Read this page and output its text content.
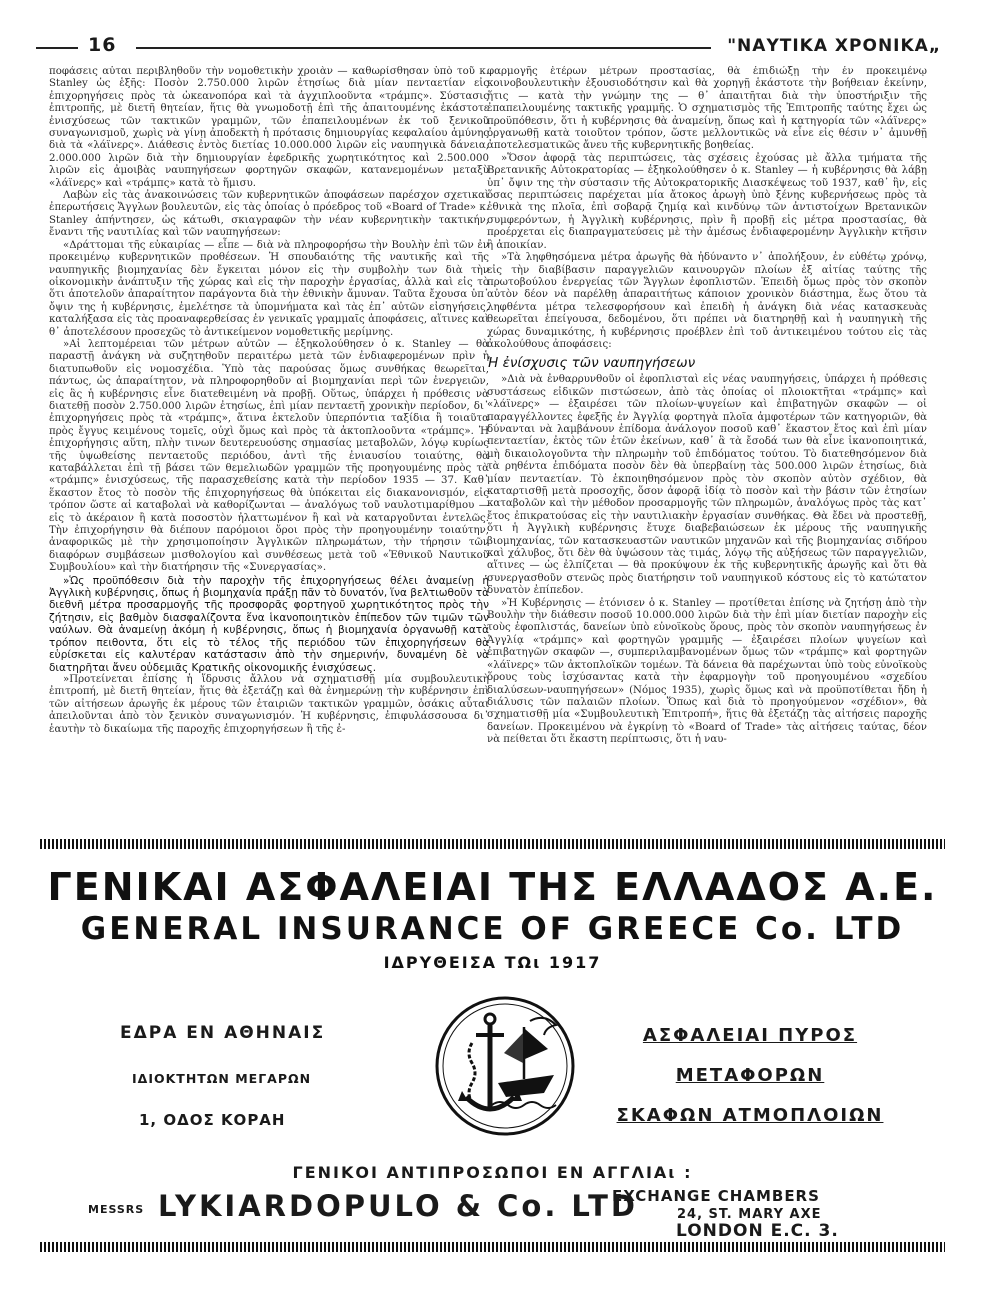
16	"ΝΑΥΤΙΚΑ ΧΡΟΝΙΚΑ„

ποφάσεις αὐται περιβληθοῦν τὴν νομοθετικὴν χροιὰν — καθωρίσθησαν ὑπὸ τοῦ κ. Stanley ὡς ἑξῆς: Ποσὸν 2.750.000 λιρῶν ἐτησίως διὰ μίαν πενταετίαν εἰς ἐπιχορηγήσεις πρὸς τὰ ὠκεανοπόρα καὶ τὰ ἀγχιπλοοῦντα «τράμπς». Σύστασις ἐπιτροπῆς, μὲ διετῆ θητείαν, ἥτις θὰ γνωμοδοτῇ ἐπὶ τῆς ἀπαιτουμένης ἑκάστοτε ἐνισχύσεως τῶν τακτικῶν γραμμῶν, τῶν ἐπαπειλουμένων ἐκ τοῦ ξενικοῦ συναγωνισμοῦ, χωρὶς νὰ γίνῃ ἀποδεκτὴ ἡ πρότασις δημιουργίας κεφαλαίου ἀμύνης διὰ τὰ «λάϊνερς». Διάθεσις ἐντὸς διετίας 10.000.000 λιρῶν εἰς ναυπηγικὰ δάνεια, 2.000.000 λιρῶν διὰ τὴν δημιουργίαν ἐφεδρικῆς χωρητικότητος καὶ 2.500.000 λιρῶν εἰς ἀμοιβὰς ναυπηγήσεων φορτηγῶν σκαφῶν, κατανεμομένων μεταξὺ «λάϊνερς» καὶ «τράμπς» κατὰ τὸ ἥμισυ.

Λαβὼν εἰς τὰς ἀνακοινώσεις τῶν κυβερνητικῶν ἀποφάσεων παρέσχον σχετικαὶ ἐπερωτήσεις Ἄγγλων βουλευτῶν, εἰς τὰς ὁποίας ὁ πρόεδρος τοῦ «Board of Trade» κ. Stanley ἀπήντησεν, ὡς κάτωθι, σκιαγραφῶν τὴν νέαν κυβερνητικὴν τακτικήν, ἔναντι τῆς ναυτιλίας καὶ τῶν ναυπηγήσεων:

«Δράττομαι τῆς εὐκαιρίας — εἶπε — διὰ νὰ πληροφορήσω τὴν Βουλὴν ἐπὶ τῶν ἐν προκειμένῳ κυβερνητικῶν προθέσεων. Ἡ σπουδαιότης τῆς ναυτικῆς καὶ τῆς ναυπηγικῆς βιομηχανίας δὲν ἔγκειται μόνον εἰς τὴν συμβολὴν των διὰ τὴν οἰκονομικὴν ἀνάπτυξιν τῆς χώρας καὶ εἰς τὴν παροχὴν ἐργασίας, ἀλλὰ καὶ εἰς τὸ ὅτι ἀποτελοῦν ἀπαραίτητον παράγοντα διὰ τὴν ἐθνικὴν ἄμυναν. Ταῦτα ἔχουσα ὑπ᾿ ὄψιν της ἡ κυβέρνησις, ἐμελέτησε τὰ ὑπομνήματα καὶ τὰς ἐπ᾿ αὐτῶν εἰσηγήσεις, καταλήξασα εἰς τὰς προαναφερθείσας ἐν γενικαῖς γραμμαῖς ἀποφάσεις, αἵτινες καὶ θ᾿ ἀποτελέσουν προσεχῶς τὸ ἀντικείμενον νομοθετικῆς μερίμνης.

»Αἱ λεπτομέρειαι τῶν μέτρων αὐτῶν — ἐξηκολούθησεν ὁ κ. Stanley — θὰ παραστῇ ἀνάγκη νὰ συζητηθοῦν περαιτέρω μετὰ τῶν ἐνδιαφερομένων πρὶν ἡ διατυπωθοῦν εἰς νομοσχέδια. Ὑπὸ τὰς παρούσας ὅμως συνθήκας θεωρεῖται, πάντως, ὡς ἀπαραίτητον, νὰ πληροφορηθοῦν αἱ βιομηχανίαι περὶ τῶν ἐνεργειῶν, εἰς ἃς ἡ κυβέρνησις εἶνε διατεθειμένη νὰ προβῇ. Οὕτως, ὑπάρχει ἡ πρόθεσις νὰ διατεθῇ ποσὸν 2.750.000 λιρῶν ἐτησίως, ἐπὶ μίαν πενταετῆ χρονικὴν περίοδον, δι᾿ ἐπιχορηγήσεις πρὸς τὰ «τράμπς», ἅτινα ἐκτελοῦν ὑπερπόντια ταξίδια ἢ τοιαῦτα πρὸς ἔγγυς κειμένους τομεῖς, οὐχὶ ὅμως καὶ πρὸς τὰ ἀκτοπλοοῦντα «τράμπς». Ἡ ἐπιχορήγησις αὕτη, πλὴν τινων δευτερευούσης σημασίας μεταβολῶν, λόγῳ κυρίως τῆς ὑψωθείσης πενταετοῦς περιόδου, ἀντὶ τῆς ἐνιαυσίου τοιαύτης, θὰ καταβάλλεται ἐπὶ τῇ βάσει τῶν θεμελιωδῶν γραμμῶν τῆς προηγουμένης πρὸς τὰ «τράμπς» ἐνισχύσεως, τῆς παρασχεθείσης κατὰ τὴν περίοδον 1935 — 37. Καθ᾿ ἕκαστον ἔτος τὸ ποσὸν τῆς ἐπιχορηγήσεως θὰ ὑπόκειται εἰς διακανονισμόν, εἰς τρόπον ὥστε αἱ καταβολαὶ νὰ καθορίζωνται — ἀναλόγως τοῦ ναυλοτιμαρίθμου — εἰς τὸ ἀκέραιον ἢ κατὰ ποσοστὸν ἠλαττωμένον ἢ καὶ νὰ καταργοῦνται ἐντελῶς. Τὴν ἐπιχορήγησιν θὰ διέπουν παρόμοιοι ὅροι πρὸς τὴν προηγουμένην τοιαύτην, ἀναφορικῶς μὲ τὴν χρησιμοποίησιν Ἀγγλικῶν πληρωμάτων, τὴν τήρησιν τῶν διαφόρων συμβάσεων μισθολογίου καὶ συνθέσεως μετὰ τοῦ «Ἐθνικοῦ Ναυτικοῦ Συμβουλίου» καὶ τὴν διατήρησιν τῆς «Συνεργασίας».

»Ὡς προϋπόθεσιν διὰ τὴν παροχὴν τῆς ἐπιχορηγήσεως θέλει ἀναμείνῃ ἡ Ἀγγλικὴ κυβέρνησις, ὅπως ἡ βιομηχανία πράξῃ πᾶν τὸ δυνατόν, ἵνα βελτιωθοῦν τὰ διεθνῆ μέτρα προσαρμογῆς τῆς προσφορᾶς φορτηγοῦ χωρητικότητος πρὸς τὴν ζήτησιν, εἰς βαθμὸν διασφαλίζοντα ἕνα ἱκανοποιητικὸν ἐπίπεδον τῶν τιμῶν τῶν ναύλων. Θὰ ἀναμείνῃ ἀκόμη ἡ κυβέρνησις, ὅπως ἡ βιομηχανία ὀργανωθῇ κατὰ τρόπον πειθοντα, ὅτι εἰς τὸ τέλος τῆς περιόδου τῶν ἐπιχορηγήσεων θὰ εὑρίσκεται εἰς καλυτέραν κατάστασιν ἀπὸ τὴν σημερινήν, δυναμένη δὲ νὰ διατηρῆται ἄνευ οὐδεμιᾶς Κρατικῆς οἰκονομικῆς ἐνισχύσεως.

»Προτείνεται ἐπίσης ἡ ἵδρυσις ἄλλου νὰ σχηματισθῇ μία συμβουλευτικὴ ἐπιτροπή, μὲ διετῆ θητείαν, ἥτις θὰ ἐξετάζῃ καὶ θὰ ἐνημερώνῃ τὴν κυβέρνησιν ἐπὶ τῶν αἰτήσεων ἀρωγῆς ἐκ μέρους τῶν ἑταιριῶν τακτικῶν γραμμῶν, ὁσάκις αὗται ἀπειλοῦνται ἀπὸ τὸν ξενικὸν συναγωνισμόν. Ἡ κυβέρνησις, ἐπιφυλάσσουσα δι᾿ ἑαυτὴν τὸ δικαίωμα τῆς παροχῆς ἐπιχορηγήσεων ἢ τῆς ἐ-

φαρμογῆς ἑτέρων μέτρων προστασίας, θὰ ἐπιδιώξῃ τὴν ἐν προκειμένῳ κοινοβουλευτικὴν ἐξουσιοδότησιν καὶ θὰ χορηγῇ ἑκάστοτε τὴν βοήθειαν ἐκείνην, ἥτις — κατὰ τὴν γνώμην της — θ᾿ ἀπαιτῆται διὰ τὴν ὑποστήριξιν τῆς ἐπαπειλουμένης τακτικῆς γραμμῆς. Ὁ σχηματισμὸς τῆς Ἐπιτροπῆς ταύτης ἔχει ὡς προϋπόθεσιν, ὅτι ἡ κυβέρνησις θὰ ἀναμείνῃ, ὅπως καὶ ἡ κατηγορία τῶν «λάϊνερς» ὀργανωθῇ κατὰ τοιοῦτον τρόπον, ὥστε μελλοντικῶς νὰ εἶνε εἰς θέσιν ν᾿ ἀμυνθῇ ἀποτελεσματικῶς ἄνευ τῆς κυβερνητικῆς βοηθείας.

»Ὅσον ἀφορᾷ τὰς περιπτώσεις, τὰς σχέσεις ἐχούσας μὲ ἄλλα τμήματα τῆς Βρετανικῆς Αὐτοκρατορίας — ἐξηκολούθησεν ὁ κ. Stanley — ἡ κυβέρνησις θὰ λάβῃ ὑπ᾿ ὄψιν της τὴν σύστασιν τῆς Αὐτοκρατορικῆς Διασκέψεως τοῦ 1937, καθ᾿ ἣν, εἰς ὅσας περιπτώσεις παρέχεται μία ἄτοκος ἀρωγὴ ὑπὸ ξένης κυβερνήσεως πρὸς τὰ ἐθνικὰ της πλοῖα, ἐπὶ σοβαρᾷ ζημίᾳ καὶ κινδύνῳ τῶν ἀντιστοίχων Βρετανικῶν συμφερόντων, ἡ Ἀγγλικὴ κυβέρνησις, πρὶν ἢ προβῇ εἰς μέτρα προστασίας, θὰ προέρχεται εἰς διαπραγματεύσεις μὲ τὴν ἀμέσως ἐνδιαφερομένην Ἀγγλικὴν κτῆσιν ἢ ἀποικίαν.

»Τὰ ληφθησόμενα μέτρα ἀρωγῆς θὰ ἠδύναντο ν᾿ ἀπολήξουν, ἐν εὐθέτῳ χρόνῳ, εἰς τὴν διαβίβασιν παραγγελιῶν καινουργῶν πλοίων ἐξ αἰτίας ταύτης τῆς πρωτοβούλου ἐνεργείας τῶν Ἄγγλων ἐφοπλιστῶν. Ἐπειδὴ ὅμως πρὸς τὸν σκοπὸν αὐτὸν δέον νὰ παρέλθῃ ἀπαραιτήτως κάποιον χρονικὸν διάστημα, ἕως ὅτου τὰ ληφθέντα μέτρα τελεσφορήσουν καὶ ἐπειδὴ ἡ ἀνάγκη διὰ νέας κατασκευὰς θεωρεῖται ἐπείγουσα, δεδομένου, ὅτι πρέπει νὰ διατηρηθῇ καὶ ἡ ναυπηγικὴ τῆς χώρας δυναμικότης, ἡ κυβέρνησις προέβλεν ἐπὶ τοῦ ἀντικειμένου τούτου εἰς τὰς ἀκολούθους ἀποφάσεις:

Ἡ ἐνίσχυσις τῶν ναυπηγήσεων

»Διὰ νὰ ἐνθαρρυνθοῦν οἱ ἐφοπλισταὶ εἰς νέας ναυπηγήσεις, ὑπάρχει ἡ πρόθεσις συστάσεως εἰδικῶν πιστώσεων, ἀπὸ τὰς ὁποίας οἱ πλοιοκτῆται «τράμπς» καὶ «λάϊνερς» — ἐξαιρέσει τῶν πλοίων-ψυγείων καὶ ἐπιβατηγῶν σκαφῶν — οἱ παραγγέλλοντες ἐφεξῆς ἐν Ἀγγλίᾳ φορτηγὰ πλοῖα ἀμφοτέρων τῶν κατηγοριῶν, θὰ δύνανται νὰ λαμβάνουν ἐπίδομα ἀνάλογον ποσοῦ καθ᾿ ἕκαστον ἔτος καὶ ἐπὶ μίαν πενταετίαν, ἐκτὸς τῶν ἐτῶν ἐκείνων, καθ᾿ ἃ τὰ ἔσοδά των θὰ εἶνε ἱκανοποιητικά, μὴ δικαιολογοῦντα τὴν πληρωμὴν τοῦ ἐπιδόματος τούτου. Τὸ διατεθησόμενον διὰ τὰ ρηθέντα ἐπιδόματα ποσὸν δὲν θὰ ὑπερβαίνῃ τὰς 500.000 λιρῶν ἐτησίως, διὰ μίαν πενταετίαν. Τὸ ἐκποιηθησόμενον πρὸς τὸν σκοπὸν αὐτὸν σχέδιον, θὰ καταρτισθῇ μετὰ προσοχῆς, ὅσον ἀφορᾷ ἰδίᾳ τὸ ποσὸν καὶ τὴν βάσιν τῶν ἐτησίων καταβολῶν καὶ τὴν μέθοδον προσαρμογῆς τῶν πληρωμῶν, ἀναλόγως πρὸς τὰς κατ᾿ ἔτος ἐπικρατούσας εἰς τὴν ναυτιλιακὴν ἐργασίαν συνθήκας. Θὰ ἔδει νὰ προστεθῇ, ὅτι ἡ Ἀγγλικὴ κυβέρνησις ἔτυχε διαβεβαιώσεων ἐκ μέρους τῆς ναυπηγικῆς βιομηχανίας, τῶν κατασκευαστῶν ναυτικῶν μηχανῶν καὶ τῆς βιομηχανίας σιδήρου καὶ χάλυβος, ὅτι δὲν θὰ ὑψώσουν τὰς τιμάς, λόγῳ τῆς αὐξήσεως τῶν παραγγελιῶν, αἵτινες — ὡς ἐλπίζεται — θὰ προκύψουν ἐκ τῆς κυβερνητικῆς ἀρωγῆς καὶ ὅτι θὰ συνεργασθοῦν στενῶς πρὸς διατήρησιν τοῦ ναυπηγικοῦ κόστους εἰς τὸ κατώτατον δυνατὸν ἐπίπεδον.

»Ἡ Κυβέρνησις — ἐτόνισεν ὁ κ. Stanley — προτίθεται ἐπίσης νὰ ζητήσῃ ἀπὸ τὴν Βουλὴν τὴν διάθεσιν ποσοῦ 10.000.000 λιρῶν διὰ τὴν ἐπὶ μίαν διετίαν παροχὴν εἰς τοὺς ἐφοπλιστάς, δανείων ὑπὸ εὐνοϊκοὺς ὅρους, πρὸς τὸν σκοπὸν ναυπηγήσεως ἐν Ἀγγλίᾳ «τράμπς» καὶ φορτηγῶν γραμμῆς — ἐξαιρέσει πλοίων ψυγείων καὶ ἐπιβατηγῶν σκαφῶν —, συμπεριλαμβανομένων ὅμως τῶν «τράμπς» καὶ φορτηγῶν «λάϊνερς» τῶν ἀκτοπλοϊκῶν τομέων. Τὰ δάνεια θὰ παρέχωνται ὑπὸ τοὺς εὐνοϊκοὺς ὅρους τοὺς ἰσχύσαντας κατὰ τὴν ἐφαρμογὴν τοῦ προηγουμένου «σχεδίου διαλύσεων-ναυπηγήσεων» (Νόμος 1935), χωρὶς ὅμως καὶ νὰ προϋποτίθεται ἤδη ἡ διάλυσις τῶν παλαιῶν πλοίων. Ὅπως καὶ διὰ τὸ προηγούμενον «σχέδιον», θὰ σχηματισθῇ μία «Συμβουλευτικὴ Ἐπιτροπή», ἥτις θὰ ἐξετάζῃ τὰς αἰτήσεις παροχῆς δανείων. Προκειμένου νὰ ἐγκρίνῃ τὸ «Board of Trade» τὰς αἰτήσεις ταύτας, δέον νὰ πείθεται ὅτι ἕκαστη περίπτωσις, ὅτι ἡ ναυ-

ΓΕΝΙΚΑΙ ΑΣΦΑΛΕΙΑΙ ΤΗΣ ΕΛΛΑΔΟΣ Α.Ε.
GENERAL INSURANCE OF GREECE Co. LTD
ΙΔΡΥΘΕΙΣΑ ΤΩι 1917
ΕΔΡΑ ΕΝ ΑΘΗΝΑΙΣ
ΙΔΙΟΚΤΗΤΩΝ ΜΕΓΑΡΩΝ
1, ΟΔΟΣ ΚΟΡΑΗ
ΑΣΦΑΛΕΙΑΙ ΠΥΡΟΣ
ΜΕΤΑΦΟΡΩΝ
ΣΚΑΦΩΝ ΑΤΜΟΠΛΟΙΩΝ
ΓΕΝΙΚΟΙ ΑΝΤΙΠΡΟΣΩΠΟΙ ΕΝ ΑΓΓΛΙΑι :
MESSRS LYKIARDOPULO & Co. LTD
EXCHANGE CHAMBERS
24, ST. MARY AXE
LONDON E.C. 3.
